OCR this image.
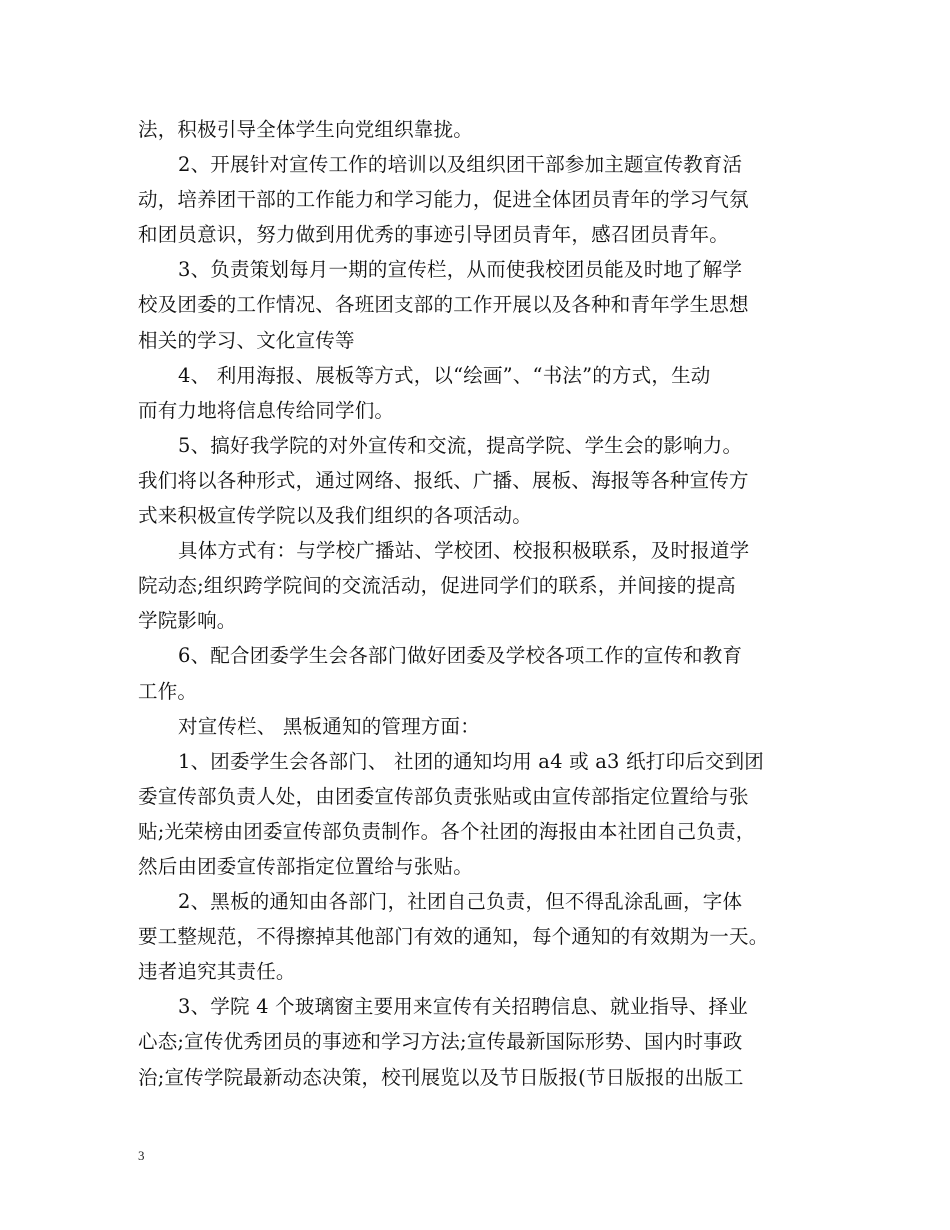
法，积极引导全体学生向党组织靠拢。
2、开展针对宣传工作的培训以及组织团干部参加主题宣传教育活
动，培养团干部的工作能力和学习能力，促进全体团员青年的学习气氛
和团员意识，努力做到用优秀的事迹引导团员青年，感召团员青年。
3、负责策划每月一期的宣传栏，从而使我校团员能及时地了解学
校及团委的工作情况、各班团支部的工作开展以及各种和青年学生思想
相关的学习、文化宣传等
4、 利用海报、展板等方式，以“绘画”、“书法”的方式，生动
而有力地将信息传给同学们。
5、搞好我学院的对外宣传和交流，提高学院、学生会的影响力。
我们将以各种形式，通过网络、报纸、广播、展板、海报等各种宣传方
式来积极宣传学院以及我们组织的各项活动。
具体方式有：与学校广播站、学校团、校报积极联系，及时报道学
院动态;组织跨学院间的交流活动，促进同学们的联系，并间接的提高
学院影响。
6、配合团委学生会各部门做好团委及学校各项工作的宣传和教育
工作。
对宣传栏、 黑板通知的管理方面：
1、团委学生会各部门、 社团的通知均用 a4 或 a3 纸打印后交到团
委宣传部负责人处，由团委宣传部负责张贴或由宣传部指定位置给与张
贴;光荣榜由团委宣传部负责制作。各个社团的海报由本社团自己负责，
然后由团委宣传部指定位置给与张贴。
2、黑板的通知由各部门，社团自己负责，但不得乱涂乱画，字体
要工整规范，不得擦掉其他部门有效的通知，每个通知的有效期为一天。
违者追究其责任。
3、学院 4 个玻璃窗主要用来宣传有关招聘信息、就业指导、择业
心态;宣传优秀团员的事迹和学习方法;宣传最新国际形势、国内时事政
治;宣传学院最新动态决策，校刊展览以及节日版报(节日版报的出版工
3
